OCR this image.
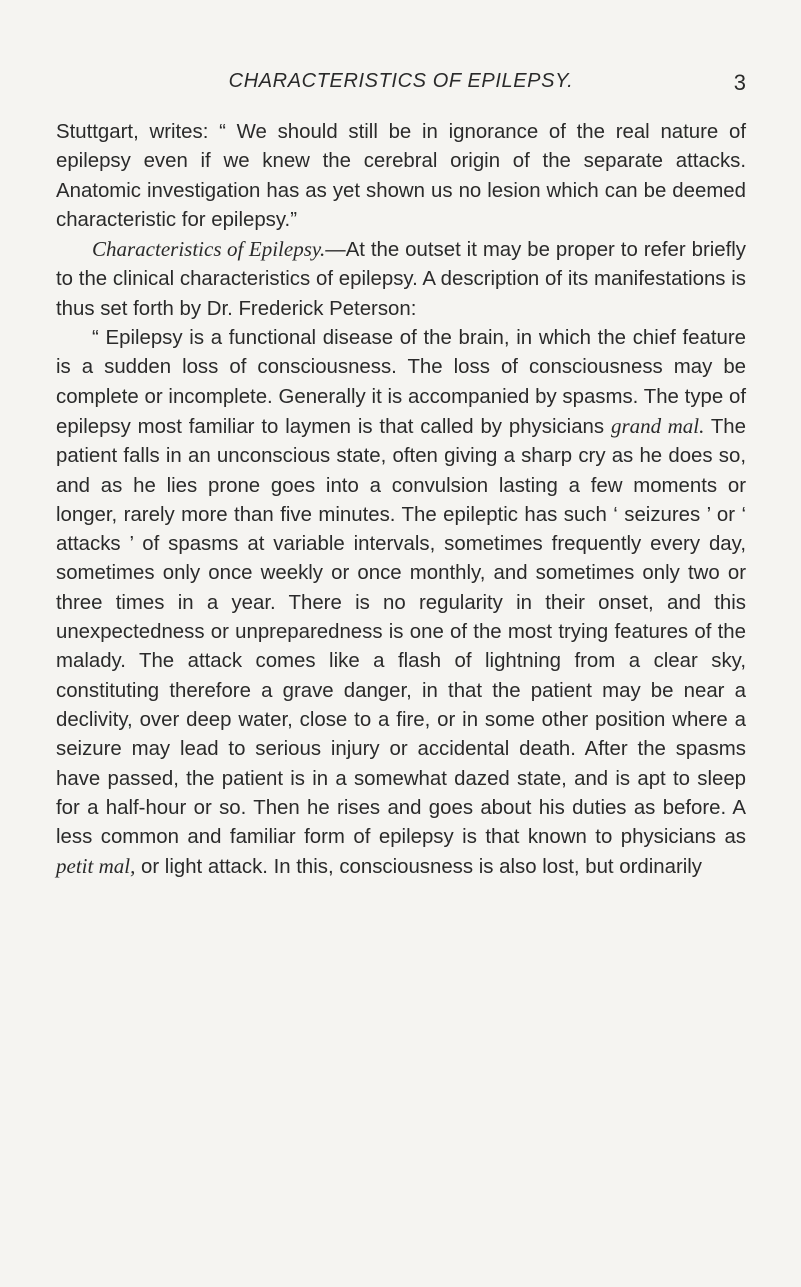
CHARACTERISTICS OF EPILEPSY.	3

Stuttgart, writes: “ We should still be in ignorance of the real nature of epilepsy even if we knew the cerebral origin of the separate attacks. Anatomic investigation has as yet shown us no lesion which can be deemed characteristic for epilepsy.”

Characteristics of Epilepsy.—At the outset it may be proper to refer briefly to the clinical characteristics of epilepsy. A description of its manifestations is thus set forth by Dr. Frederick Peterson:

“ Epilepsy is a functional disease of the brain, in which the chief feature is a sudden loss of consciousness. The loss of consciousness may be complete or incomplete. Generally it is accompanied by spasms. The type of epilepsy most familiar to laymen is that called by physicians grand mal. The patient falls in an unconscious state, often giving a sharp cry as he does so, and as he lies prone goes into a convulsion lasting a few moments or longer, rarely more than five minutes. The epileptic has such ‘ seizures ’ or ‘ attacks ’ of spasms at variable intervals, sometimes frequently every day, sometimes only once weekly or once monthly, and sometimes only two or three times in a year. There is no regularity in their onset, and this unexpectedness or unpreparedness is one of the most trying features of the malady. The attack comes like a flash of lightning from a clear sky, constituting therefore a grave danger, in that the patient may be near a declivity, over deep water, close to a fire, or in some other position where a seizure may lead to serious injury or accidental death. After the spasms have passed, the patient is in a somewhat dazed state, and is apt to sleep for a half-hour or so. Then he rises and goes about his duties as before. A less common and familiar form of epilepsy is that known to physicians as petit mal, or light attack. In this, consciousness is also lost, but ordinarily
